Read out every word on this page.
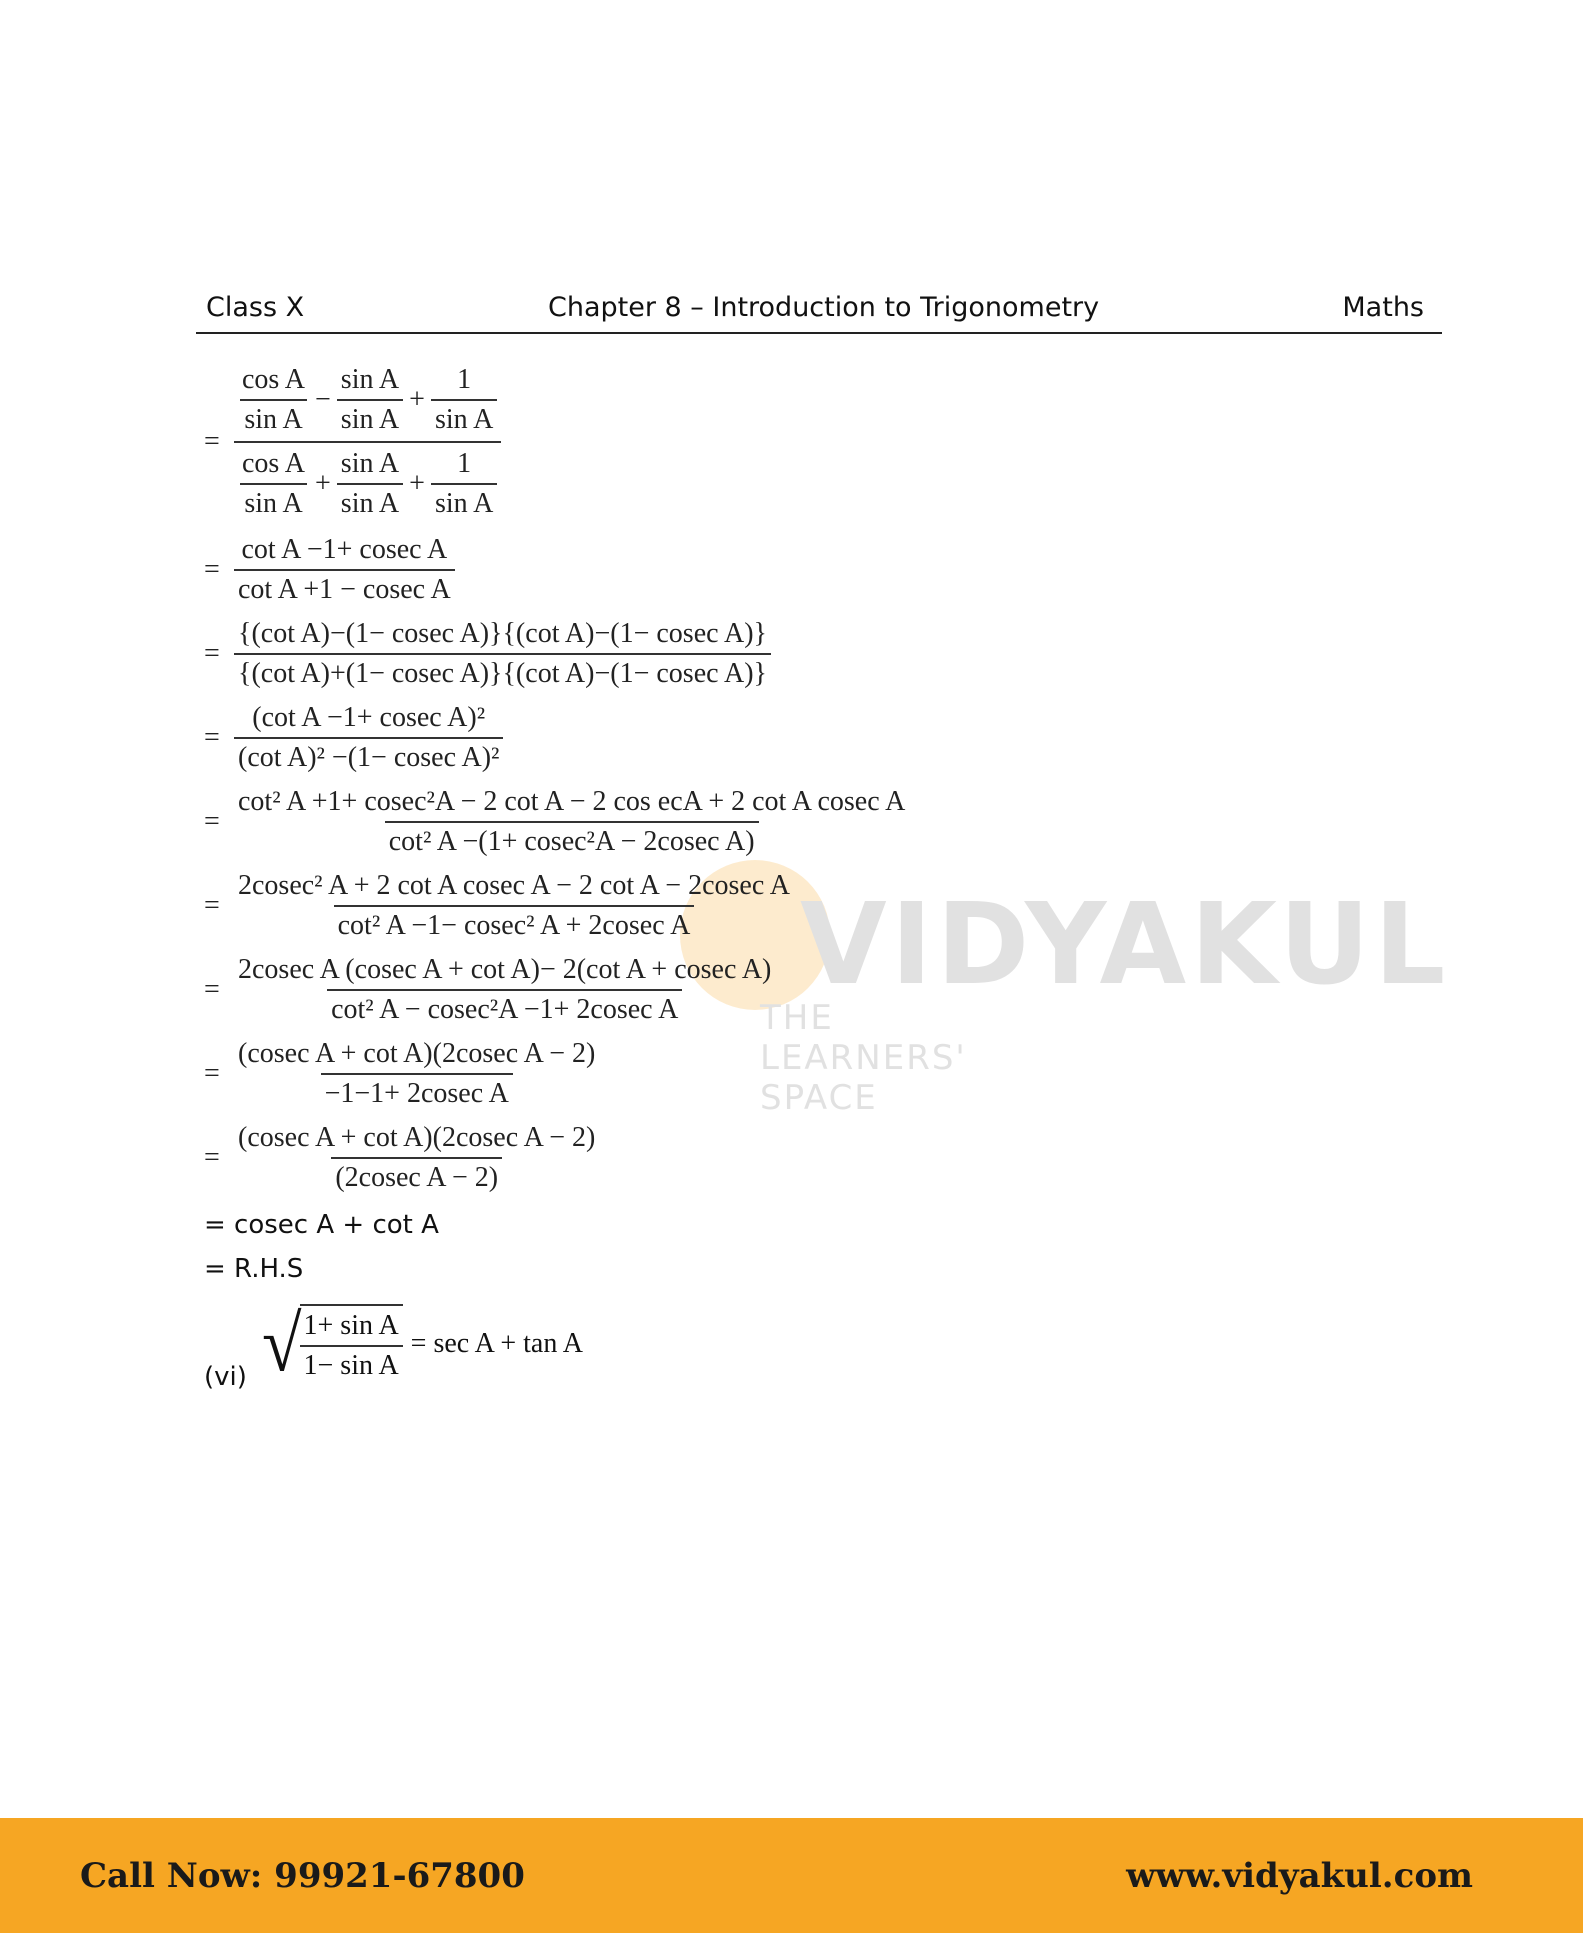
Class X	Chapter 8 – Introduction to Trigonometry	Maths
VIDYAKUL
THE LEARNERS' SPACE
=
$\frac{\text{cos A}}{\text{sin A}} - \frac{\text{sin A}}{\text{sin A}} + \frac{1}{\text{sin A}}$
$\frac{\text{cos A}}{\text{sin A}} + \frac{\text{sin A}}{\text{sin A}} + \frac{1}{\text{sin A}}$
= $\frac{\text{cot A −1+ cosec A}}{\text{cot A +1 − cosec A}}$
= $\frac{\text{\{(cot A)−(1− cosec A)\}\{(cot A)−(1− cosec A)\}}}{\text{\{(cot A)+(1− cosec A)\}\{(cot A)−(1− cosec A)\}}}$
= $\frac{\text{(cot A −1+ cosec A)²}}{\text{(cot A)² −(1− cosec A)²}}$
= $\frac{\text{cot² A +1+ cosec²A − 2 cot A − 2 cos ecA + 2 cot A cosec A}}{\text{cot² A −(1+ cosec²A − 2cosec A)}}$
= $\frac{\text{2cosec² A + 2 cot A cosec A − 2 cot A − 2cosec A}}{\text{cot² A −1− cosec² A + 2cosec A}}$
= $\frac{\text{2cosec A (cosec A + cot A)− 2(cot A + cosec A)}}{\text{cot² A − cosec²A −1+ 2cosec A}}$
= $\frac{\text{(cosec A + cot A)(2cosec A − 2)}}{\text{−1−1+ 2cosec A}}$
= $\frac{\text{(cosec A + cot A)(2cosec A − 2)}}{\text{(2cosec A − 2)}}$
= cosec A + cot A
= R.H.S
(vi) √
$\frac{\text{1+ sin A}}{\text{1− sin A}} = \sec A + \tan A$
Call Now: 99921-67800	www.vidyakul.com
